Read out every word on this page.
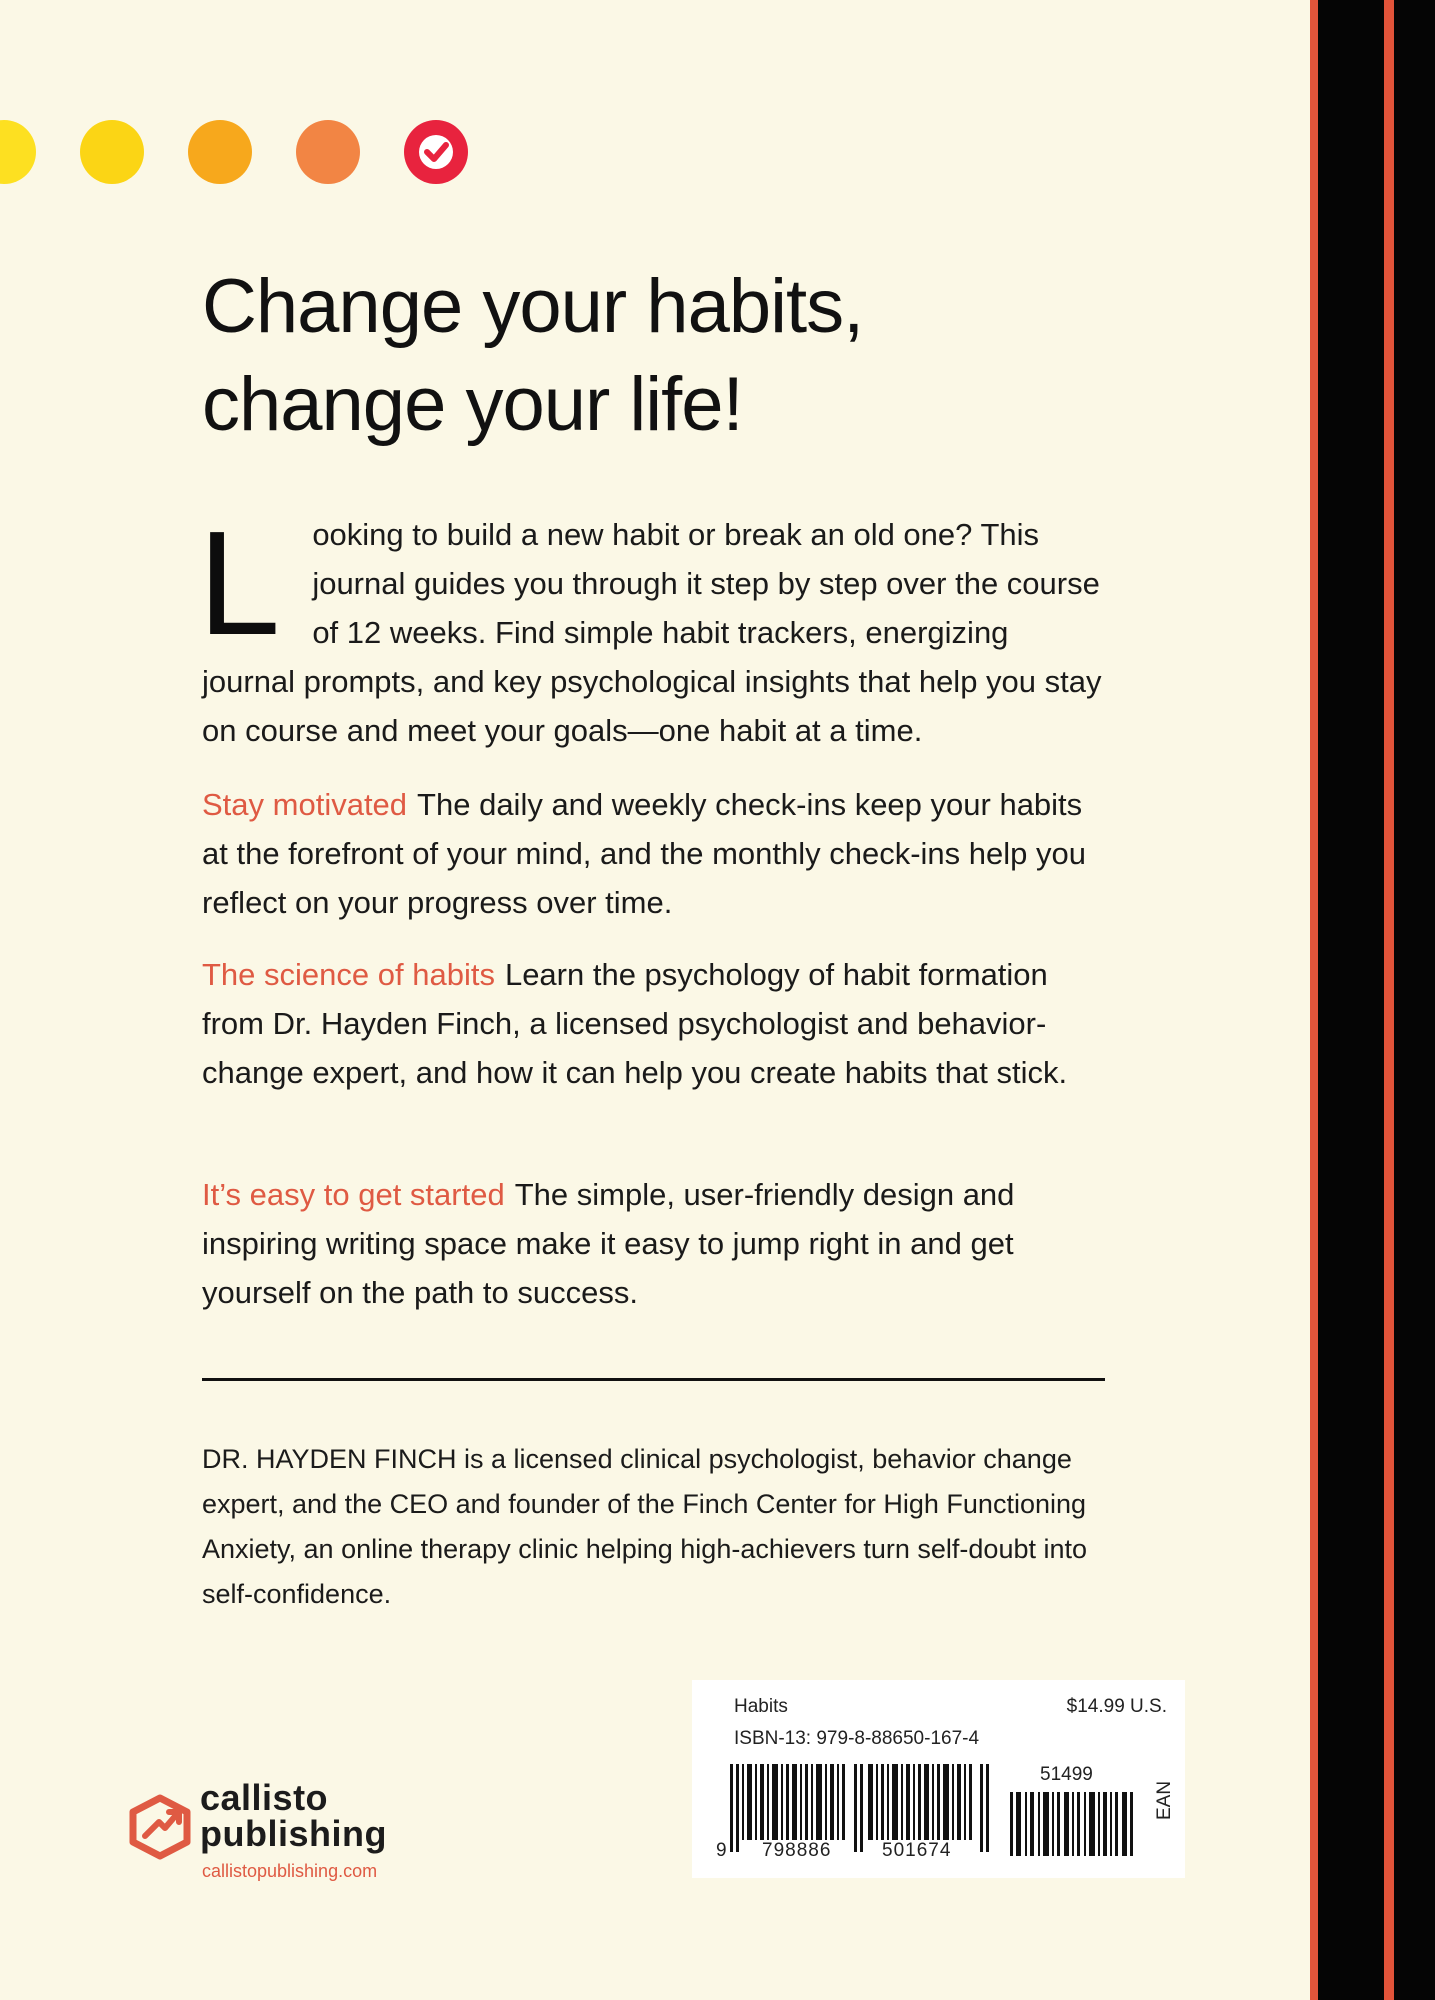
Change your habits,
change your life!
L ooking to build a new habit or break an old one? This journal guides you through it step by step over the course of 12 weeks. Find simple habit trackers, energizing journal prompts, and key psychological insights that help you stay on course and meet your goals—one habit at a time.

Stay motivated The daily and weekly check-ins keep your habits at the forefront of your mind, and the monthly check-ins help you reflect on your progress over time.

The science of habits Learn the psychology of habit formation from Dr. Hayden Finch, a licensed psychologist and behavior-change expert, and how it can help you create habits that stick.

It’s easy to get started The simple, user-friendly design and inspiring writing space make it easy to jump right in and get yourself on the path to success.

DR. HAYDEN FINCH is a licensed clinical psychologist, behavior change expert, and the CEO and founder of the Finch Center for High Functioning Anxiety, an online therapy clinic helping high-achievers turn self-doubt into self-confidence.

callisto
publishing
callistopublishing.com
Habits	$14.99 U.S.
ISBN-13: 979-8-88650-167-4
51499
9 798886	501674
EAN
